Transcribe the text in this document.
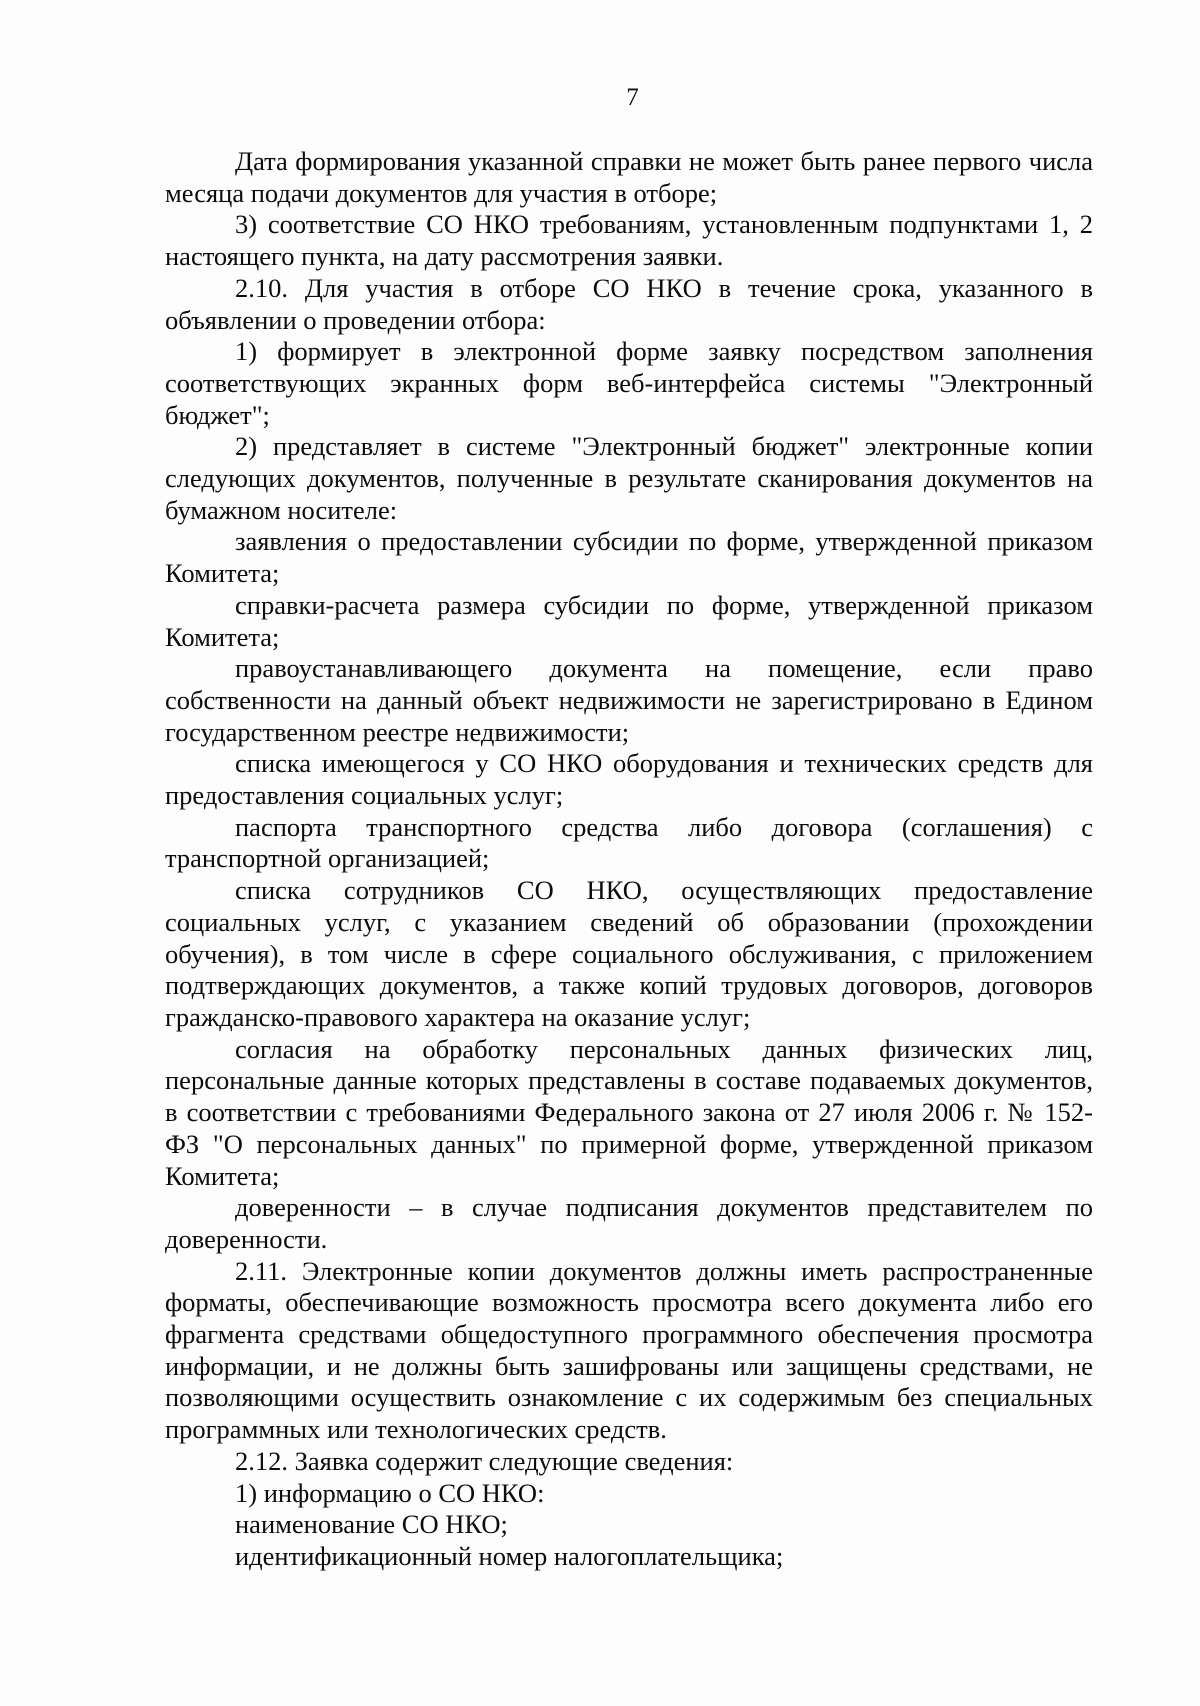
7

Дата формирования указанной справки не может быть ранее первого числа месяца подачи документов для участия в отборе;

3) соответствие СО НКО требованиям, установленным подпунктами 1, 2 настоящего пункта, на дату рассмотрения заявки.

2.10. Для участия в отборе СО НКО в течение срока, указанного в объявлении о проведении отбора:

1) формирует в электронной форме заявку посредством заполнения соответствующих экранных форм веб-интерфейса системы "Электронный бюджет";

2) представляет в системе "Электронный бюджет" электронные копии следующих документов, полученные в результате сканирования документов на бумажном носителе:

заявления о предоставлении субсидии по форме, утвержденной приказом Комитета;

справки-расчета размера субсидии по форме, утвержденной приказом Комитета;

правоустанавливающего документа на помещение, если право собственности на данный объект недвижимости не зарегистрировано в Едином государственном реестре недвижимости;

списка имеющегося у СО НКО оборудования и технических средств для предоставления социальных услуг;

паспорта транспортного средства либо договора (соглашения) с транспортной организацией;

списка сотрудников СО НКО, осуществляющих предоставление социальных услуг, с указанием сведений об образовании (прохождении обучения), в том числе в сфере социального обслуживания, с приложением подтверждающих документов, а также копий трудовых договоров, договоров гражданско-правового характера на оказание услуг;

согласия на обработку персональных данных физических лиц, персональные данные которых представлены в составе подаваемых документов, в соответствии с требованиями Федерального закона от 27 июля 2006 г. № 152-ФЗ "О персональных данных" по примерной форме, утвержденной приказом Комитета;

доверенности – в случае подписания документов представителем по доверенности.

2.11. Электронные копии документов должны иметь распространенные форматы, обеспечивающие возможность просмотра всего документа либо его фрагмента средствами общедоступного программного обеспечения просмотра информации, и не должны быть зашифрованы или защищены средствами, не позволяющими осуществить ознакомление с их содержимым без специальных программных или технологических средств.

2.12. Заявка содержит следующие сведения:

1) информацию о СО НКО:

наименование СО НКО;

идентификационный номер налогоплательщика;
